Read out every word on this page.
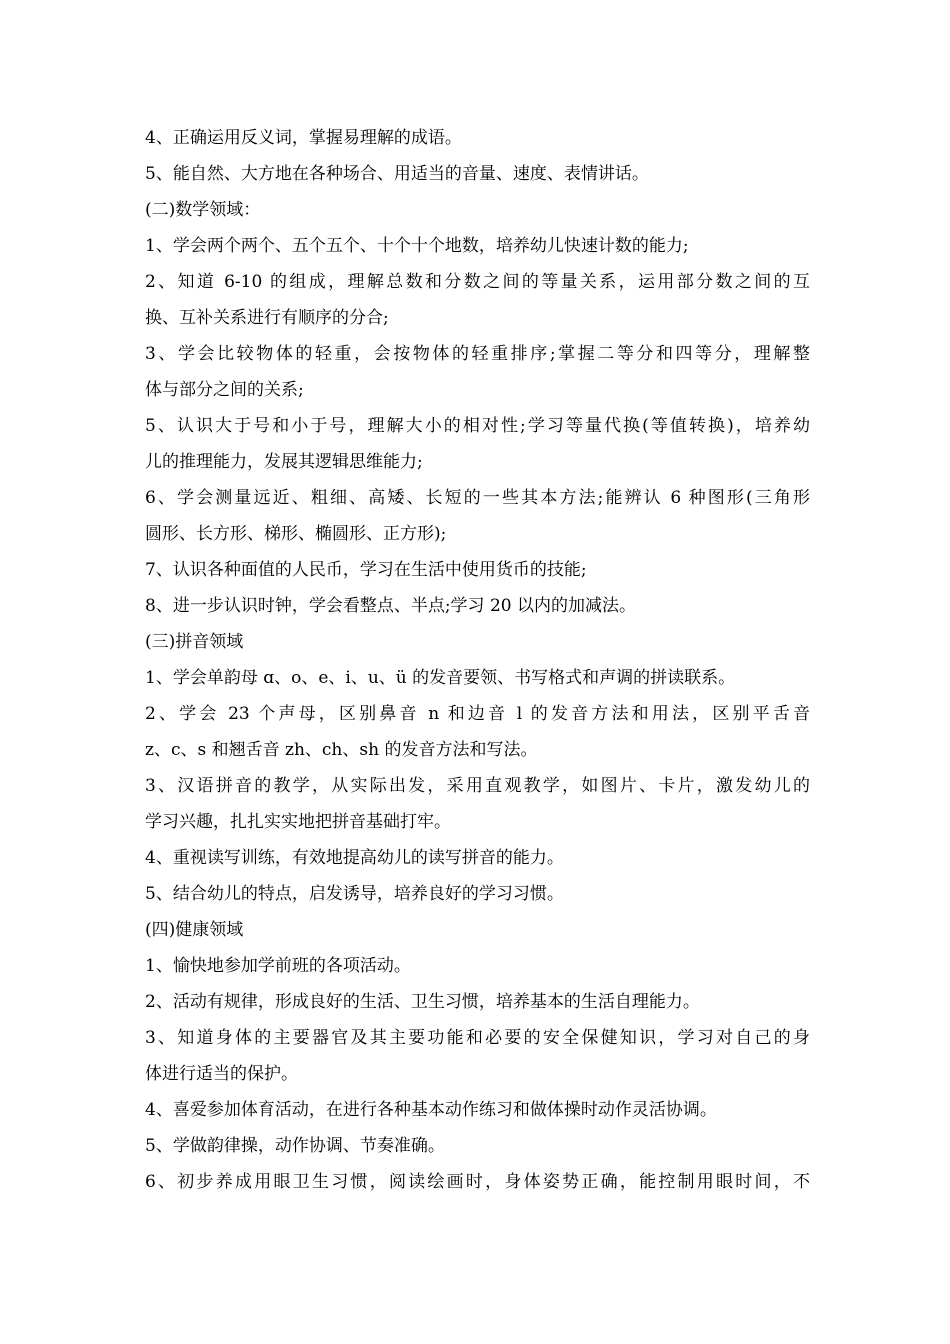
4、正确运用反义词，掌握易理解的成语。
5、能自然、大方地在各种场合、用适当的音量、速度、表情讲话。
(二)数学领域：
1、学会两个两个、五个五个、十个十个地数，培养幼儿快速计数的能力;
2、知道 6-10 的组成，理解总数和分数之间的等量关系，运用部分数之间的互
换、互补关系进行有顺序的分合;
3、学会比较物体的轻重，会按物体的轻重排序;掌握二等分和四等分，理解整
体与部分之间的关系;
5、认识大于号和小于号，理解大小的相对性;学习等量代换(等值转换)，培养幼
儿的推理能力，发展其逻辑思维能力;
6、学会测量远近、粗细、高矮、长短的一些其本方法;能辨认 6 种图形(三角形
圆形、长方形、梯形、椭圆形、正方形);
7、认识各种面值的人民币，学习在生活中使用货币的技能;
8、进一步认识时钟，学会看整点、半点;学习 20 以内的加减法。
(三)拼音领域
1、学会单韵母 ɑ、o、e、i、u、ü 的发音要领、书写格式和声调的拼读联系。
2、学会 23 个声母，区别鼻音 n 和边音 l 的发音方法和用法，区别平舌音
z、c、s 和翘舌音 zh、ch、sh 的发音方法和写法。
3、汉语拼音的教学，从实际出发，采用直观教学，如图片、卡片，激发幼儿的
学习兴趣，扎扎实实地把拼音基础打牢。
4、重视读写训练，有效地提高幼儿的读写拼音的能力。
5、结合幼儿的特点，启发诱导，培养良好的学习习惯。
(四)健康领域
1、愉快地参加学前班的各项活动。
2、活动有规律，形成良好的生活、卫生习惯，培养基本的生活自理能力。
3、知道身体的主要器官及其主要功能和必要的安全保健知识，学习对自己的身
体进行适当的保护。
4、喜爱参加体育活动，在进行各种基本动作练习和做体操时动作灵活协调。
5、学做韵律操，动作协调、节奏准确。
6、初步养成用眼卫生习惯，阅读绘画时，身体姿势正确，能控制用眼时间，不
